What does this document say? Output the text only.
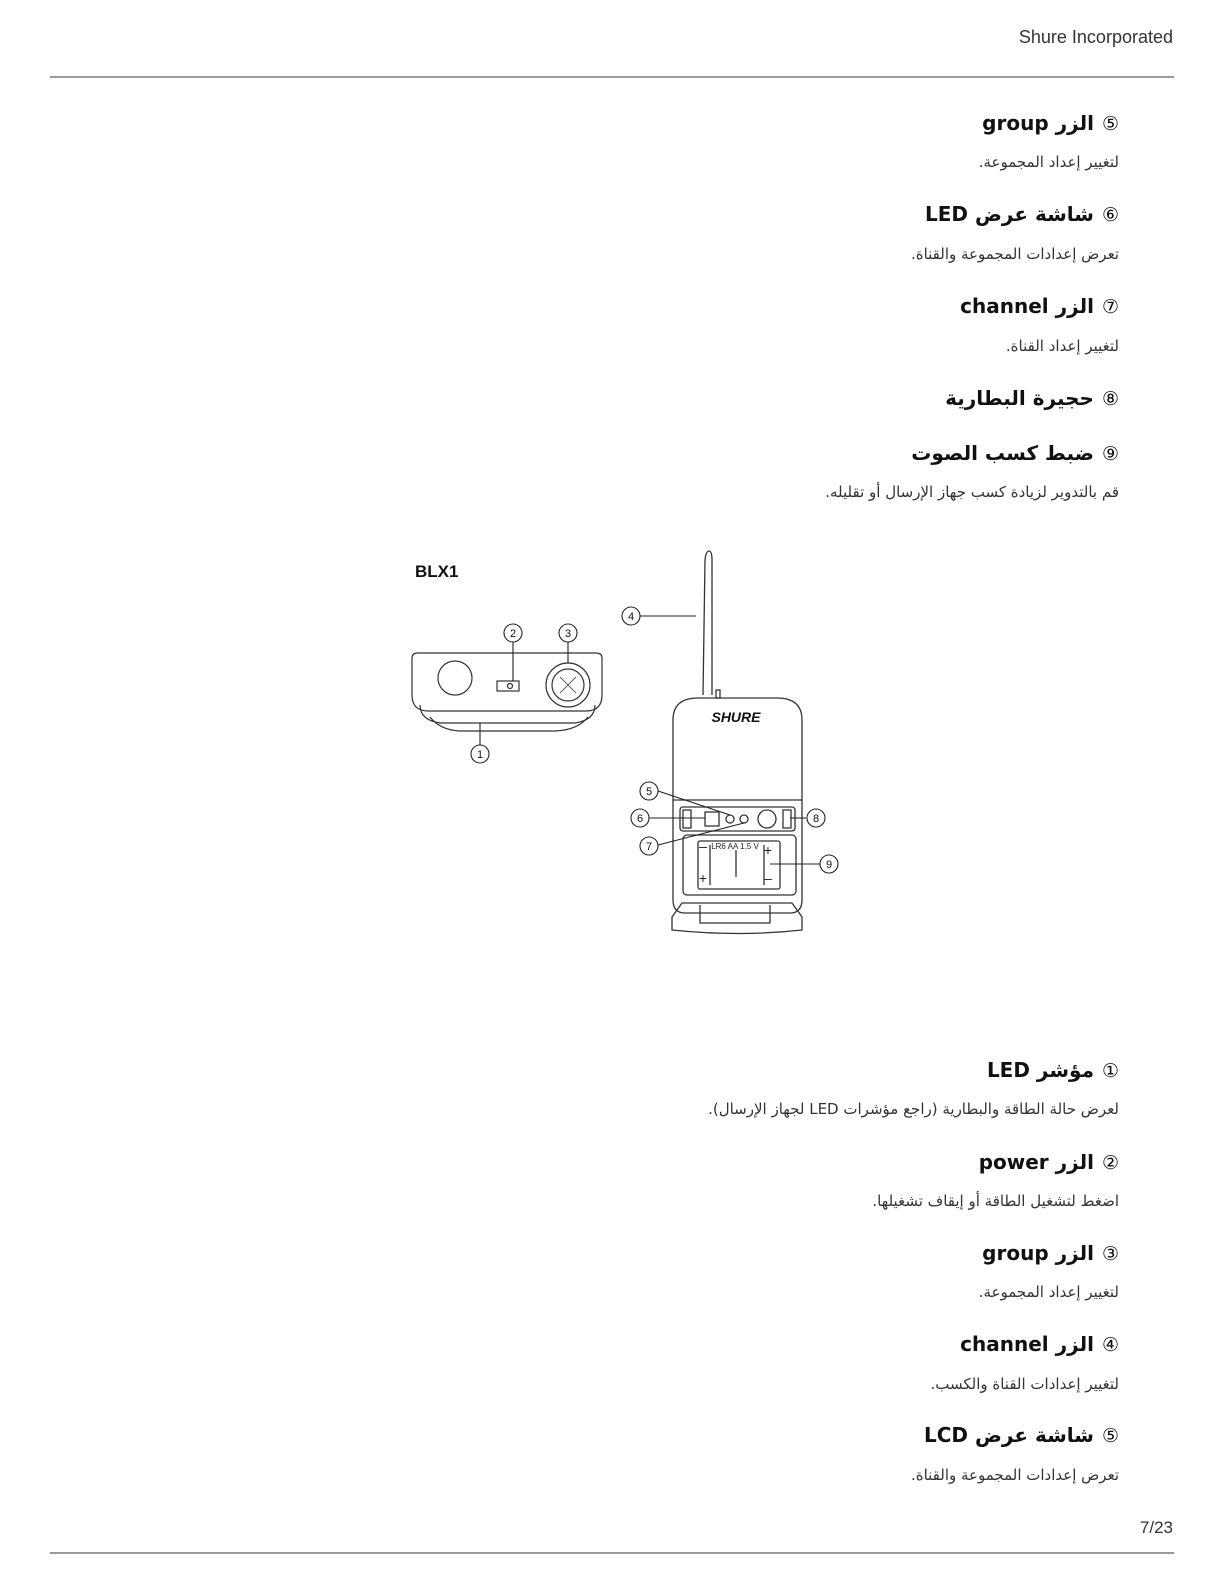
Shure Incorporated
⑤الزر group
لتغيير إعداد المجموعة.
⑥شاشة عرض LED
تعرض إعدادات المجموعة والقناة.
⑦الزر channel
لتغيير إعداد القناة.
⑧حجيرة البطارية
⑨ضبط كسب الصوت
قم بالتدوير لزيادة كسب جهاز الإرسال أو تقليله.
BLX1
SHURE
LR6 AA 1.5 V
–
+
+
–
2	3
1
4
5
6
7
8
9
①مؤشر LED
لعرض حالة الطاقة والبطارية (راجع مؤشرات LED لجهاز الإرسال).
②الزر power
اضغط لتشغيل الطاقة أو إيقاف تشغيلها.
③الزر group
لتغيير إعداد المجموعة.
④الزر channel
لتغيير إعدادات القناة والكسب.
⑤شاشة عرض LCD
تعرض إعدادات المجموعة والقناة.
7/23
